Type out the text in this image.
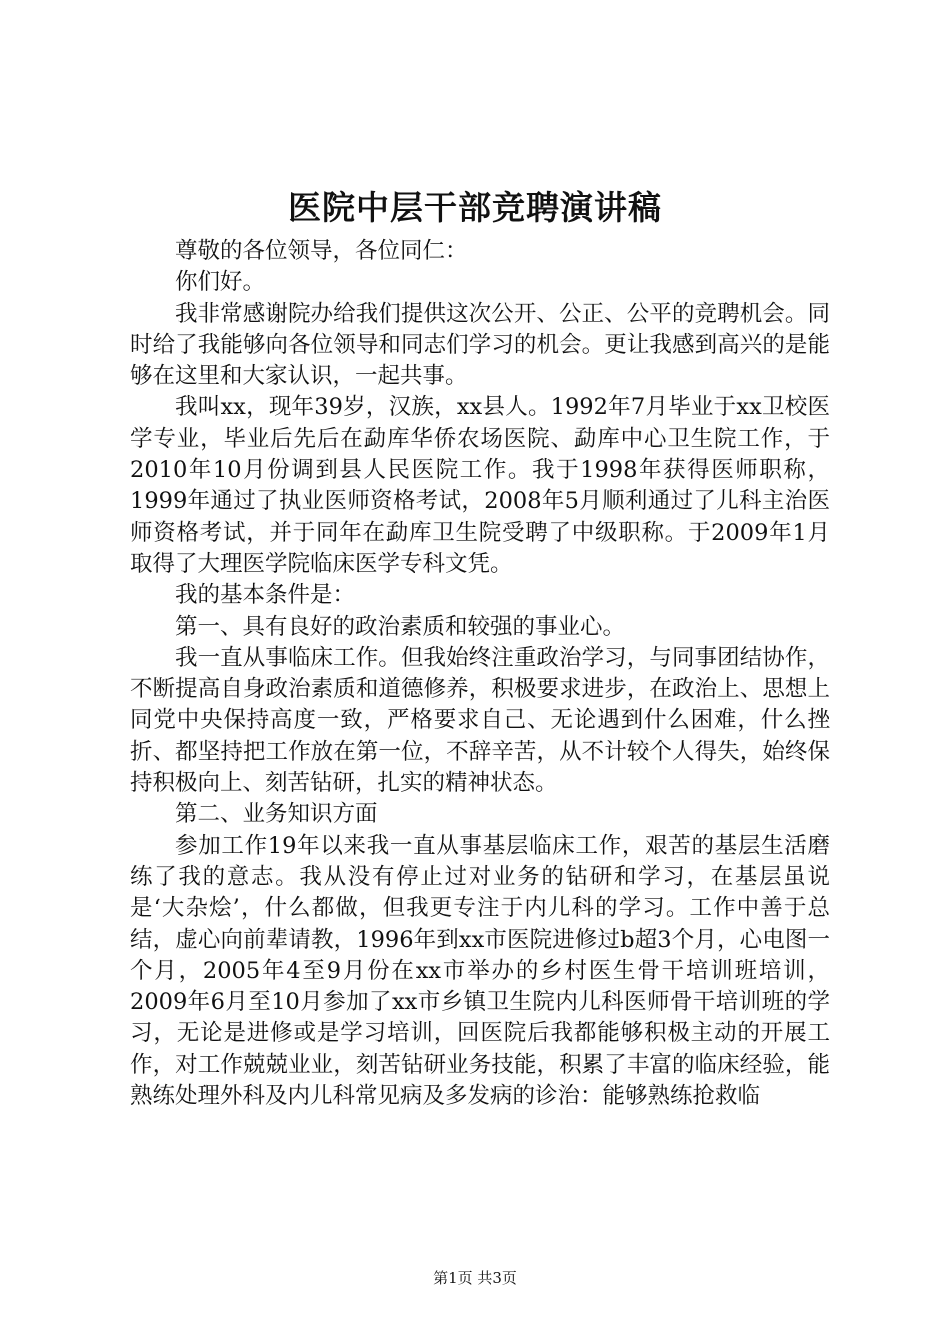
医院中层干部竞聘演讲稿

尊敬的各位领导，各位同仁：

你们好。

我非常感谢院办给我们提供这次公开、公正、公平的竞聘机会。同时给了我能够向各位领导和同志们学习的机会。更让我感到高兴的是能够在这里和大家认识，一起共事。

我叫xx，现年39岁，汉族，xx县人。1992年7月毕业于xx卫校医学专业，毕业后先后在勐库华侨农场医院、勐库中心卫生院工作，于2010年10月份调到县人民医院工作。我于1998年获得医师职称，1999年通过了执业医师资格考试，2008年5月顺利通过了儿科主治医师资格考试，并于同年在勐库卫生院受聘了中级职称。于2009年1月取得了大理医学院临床医学专科文凭。

我的基本条件是：

第一、具有良好的政治素质和较强的事业心。

我一直从事临床工作。但我始终注重政治学习，与同事团结协作，不断提高自身政治素质和道德修养，积极要求进步，在政治上、思想上同党中央保持高度一致，严格要求自己、无论遇到什么困难，什么挫折、都坚持把工作放在第一位，不辞辛苦，从不计较个人得失，始终保持积极向上、刻苦钻研，扎实的精神状态。

第二、业务知识方面

参加工作19年以来我一直从事基层临床工作，艰苦的基层生活磨练了我的意志。我从没有停止过对业务的钻研和学习，在基层虽说是‘大杂烩’，什么都做，但我更专注于内儿科的学习。工作中善于总结，虚心向前辈请教，1996年到xx市医院进修过b超3个月，心电图一个月，2005年4至9月份在xx市举办的乡村医生骨干培训班培训，2009年6月至10月参加了xx市乡镇卫生院内儿科医师骨干培训班的学习，无论是进修或是学习培训，回医院后我都能够积极主动的开展工作，对工作兢兢业业，刻苦钻研业务技能，积累了丰富的临床经验，能熟练处理外科及内儿科常见病及多发病的诊治：能够熟练抢救临

第1页 共3页
